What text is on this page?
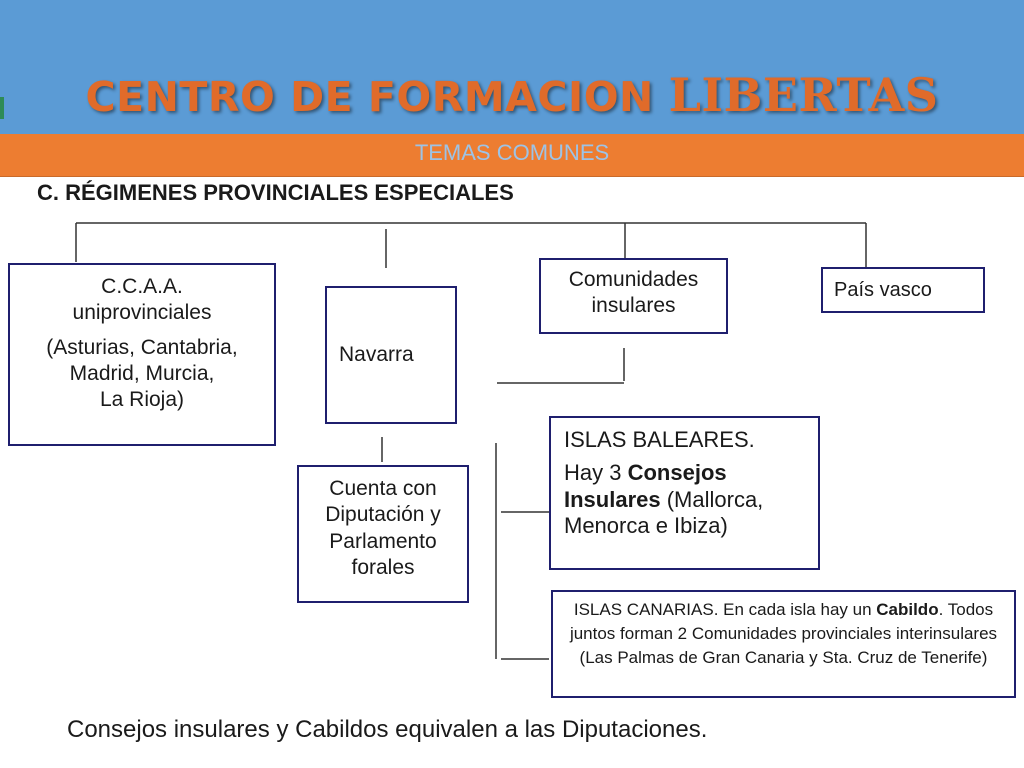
CENTRO DE FORMACION LIBERTAS
TEMAS COMUNES
C. RÉGIMENES PROVINCIALES ESPECIALES

C.C.A.A.

uniprovinciales

(Asturias, Cantabria,

Madrid, Murcia,

La Rioja)

Navarra

Cuenta con

Diputación y

Parlamento

forales

Comunidades

insulares

País vasco

ISLAS BALEARES.

Hay 3 Consejos Insulares (Mallorca, Menorca e Ibiza)

ISLAS CANARIAS. En cada isla hay un Cabildo. Todos juntos forman 2 Comunidades provinciales interinsulares (Las Palmas de Gran Canaria y Sta. Cruz de Tenerife)

Consejos insulares y Cabildos equivalen a las Diputaciones.
